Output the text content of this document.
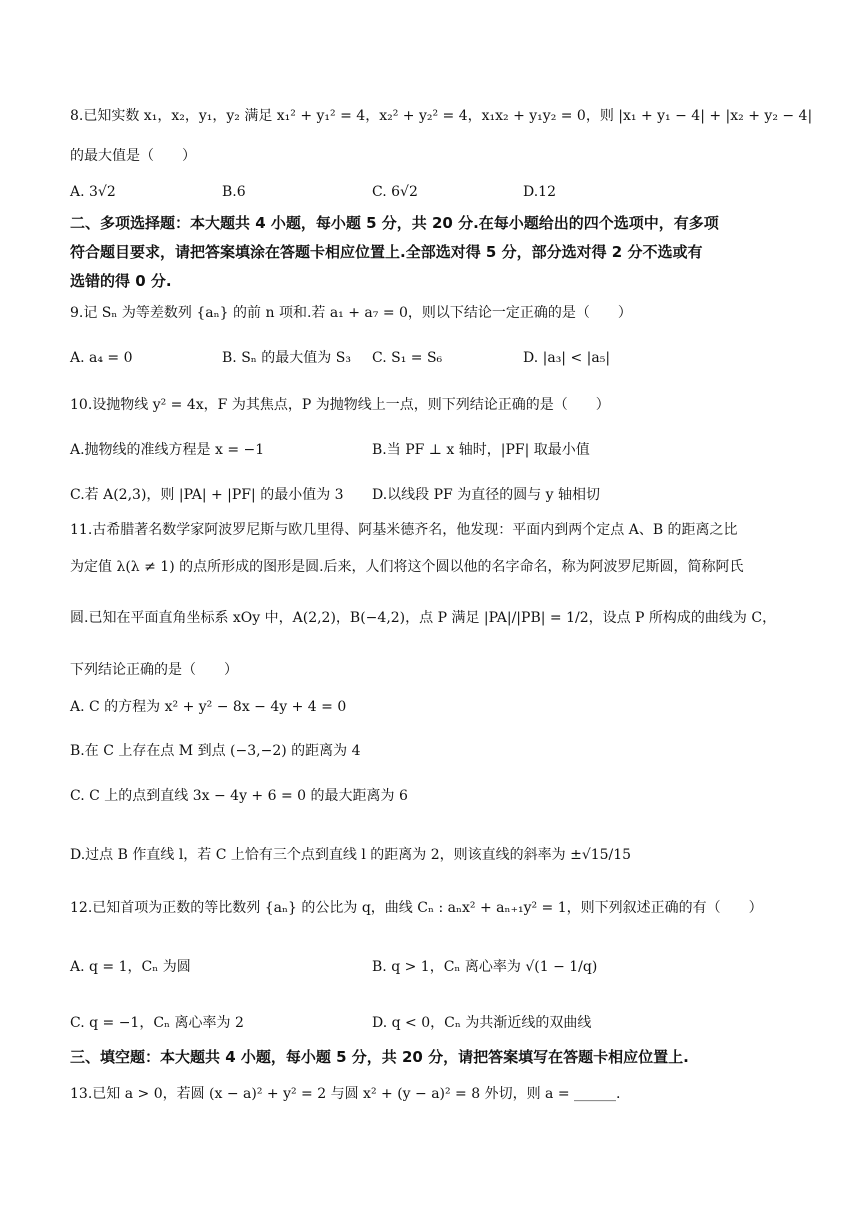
8.已知实数 x₁，x₂，y₁，y₂ 满足 x₁² + y₁² = 4，x₂² + y₂² = 4，x₁x₂ + y₁y₂ = 0，则 |x₁ + y₁ − 4| + |x₂ + y₂ − 4|
的最大值是（　　）
A. 3√2	B.6	C. 6√2	D.12
二、多项选择题：本大题共 4 小题，每小题 5 分，共 20 分.在每小题给出的四个选项中，有多项
符合题目要求，请把答案填涂在答题卡相应位置上.全部选对得 5 分，部分选对得 2 分不选或有
选错的得 0 分.
9.记 Sₙ 为等差数列 {aₙ} 的前 n 项和.若 a₁ + a₇ = 0，则以下结论一定正确的是（　　）
A. a₄ = 0	B. Sₙ 的最大值为 S₃ C. S₁ = S₆	D. |a₃| < |a₅|
10.设抛物线 y² = 4x，F 为其焦点，P 为抛物线上一点，则下列结论正确的是（　　）
A.抛物线的准线方程是 x = −1	B.当 PF ⊥ x 轴时，|PF| 取最小值
C.若 A(2,3)，则 |PA| + |PF| 的最小值为 3 D.以线段 PF 为直径的圆与 y 轴相切
11.古希腊著名数学家阿波罗尼斯与欧几里得、阿基米德齐名，他发现：平面内到两个定点 A、B 的距离之比
为定值 λ(λ ≠ 1) 的点所形成的图形是圆.后来，人们将这个圆以他的名字命名，称为阿波罗尼斯圆，简称阿氏
圆.已知在平面直角坐标系 xOy 中，A(2,2)，B(−4,2)，点 P 满足 |PA|/|PB| = 1/2，设点 P 所构成的曲线为 C，
下列结论正确的是（　　）
A. C 的方程为 x² + y² − 8x − 4y + 4 = 0
B.在 C 上存在点 M 到点 (−3,−2) 的距离为 4
C. C 上的点到直线 3x − 4y + 6 = 0 的最大距离为 6
D.过点 B 作直线 l，若 C 上恰有三个点到直线 l 的距离为 2，则该直线的斜率为 ±√15/15
12.已知首项为正数的等比数列 {aₙ} 的公比为 q，曲线 Cₙ : aₙx² + aₙ₊₁y² = 1，则下列叙述正确的有（　　）
A. q = 1，Cₙ 为圆	B. q > 1，Cₙ 离心率为 √(1 − 1/q)
C. q = −1，Cₙ 离心率为 2	D. q < 0，Cₙ 为共渐近线的双曲线
三、填空题：本大题共 4 小题，每小题 5 分，共 20 分，请把答案填写在答题卡相应位置上.
13.已知 a > 0，若圆 (x − a)² + y² = 2 与圆 x² + (y − a)² = 8 外切，则 a = ______.
